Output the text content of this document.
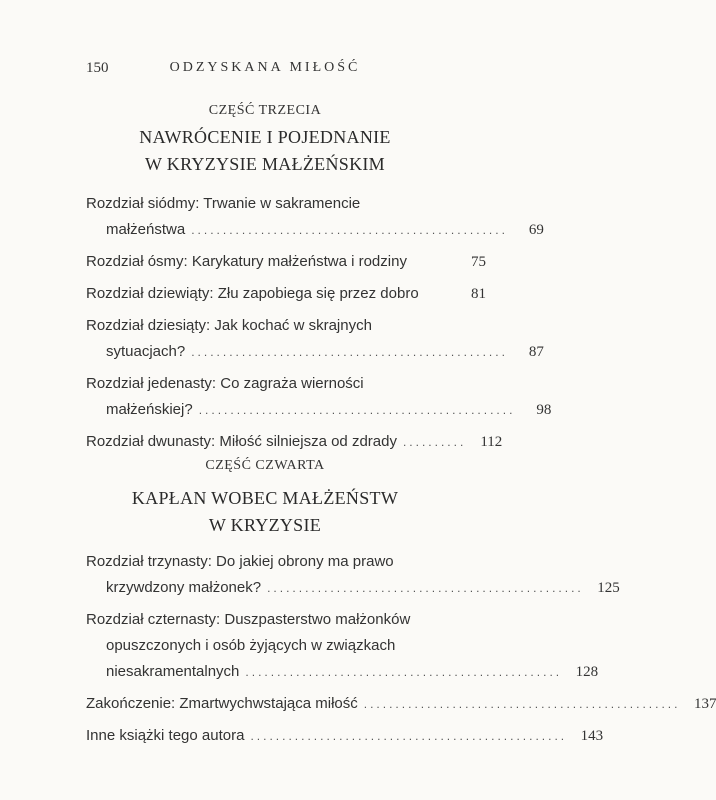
150	ODZYSKANA MIŁOŚĆ
CZĘŚĆ TRZECIA
NAWRÓCENIE I POJEDNANIE
W KRYZYSIE MAŁŻEŃSKIM
Rozdział siódmy: Trwanie w sakramencie
małżeństwa ..................................................	69
Rozdział ósmy: Karykatury małżeństwa i rodziny	75
Rozdział dziewiąty: Złu zapobiega się przez dobro	81
Rozdział dziesiąty: Jak kochać w skrajnych
sytuacjach? ..................................................	87
Rozdział jedenasty: Co zagraża wierności
małżeńskiej? ..................................................	98
Rozdział dwunasty: Miłość silniejsza od zdrady .......... 112
CZĘŚĆ CZWARTA
KAPŁAN WOBEC MAŁŻEŃSTW
W KRYZYSIE
Rozdział trzynasty: Do jakiej obrony ma prawo
krzywdzony małżonek? .................................................. 125
Rozdział czternasty: Duszpasterstwo małżonków
opuszczonych i osób żyjących w związkach
niesakramentalnych .................................................. 128
Zakończenie: Zmartwychwstająca miłość .................................................. 137
Inne książki tego autora .................................................. 143
